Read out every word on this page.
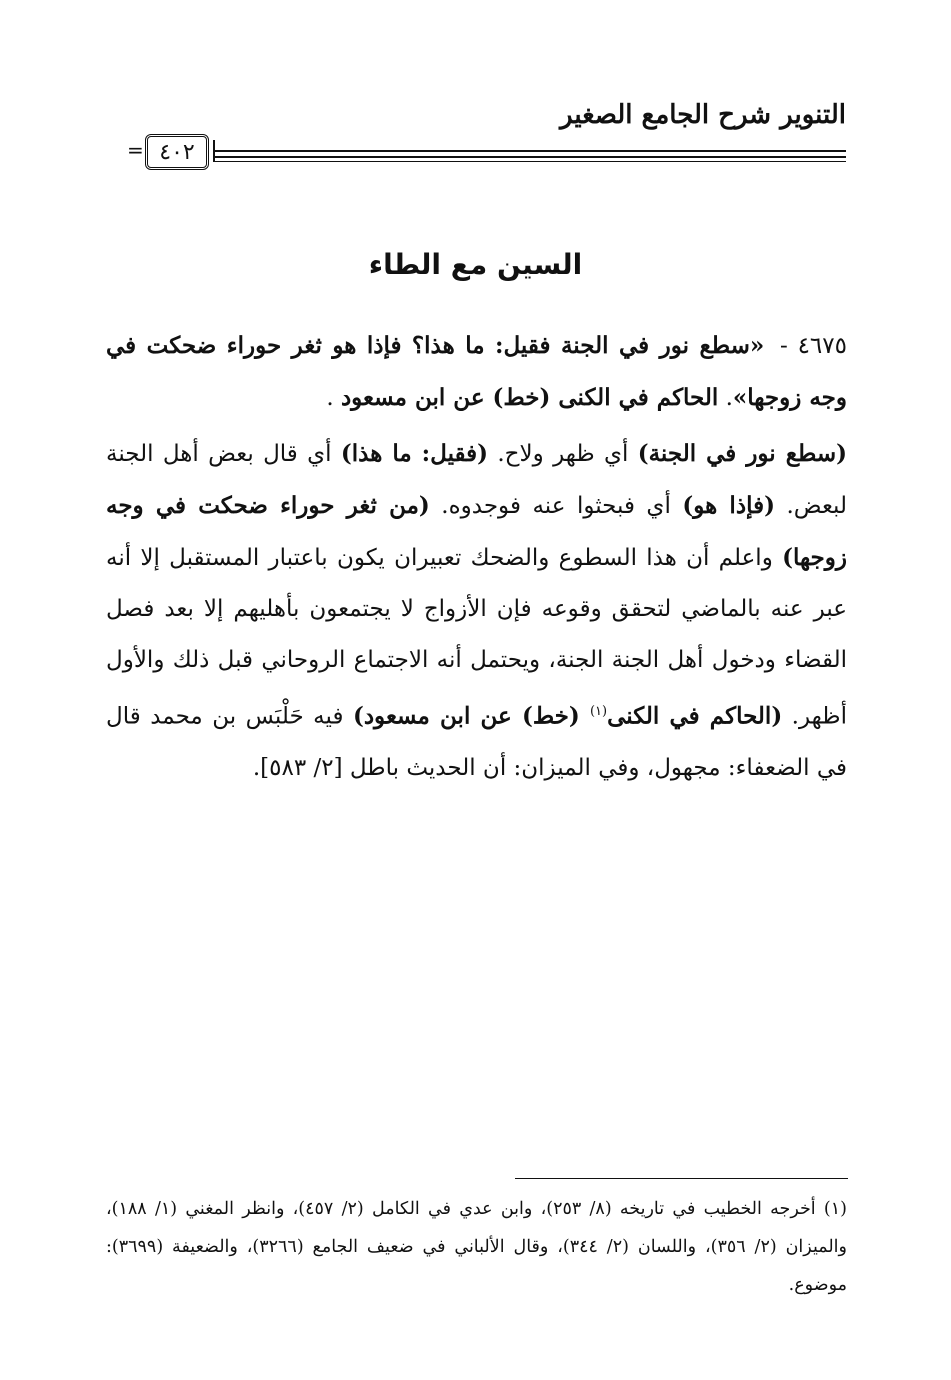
التنوير شرح الجامع الصغير
٤٠٢
=
السين مع الطاء

٤٦٧٥ - «سطع نور في الجنة فقيل: ما هذا؟ فإذا هو ثغر حوراء ضحكت في وجه زوجها». الحاكم في الكنى (خط) عن ابن مسعود .

(سطع نور في الجنة) أي ظهر ولاح. (فقيل: ما هذا) أي قال بعض أهل الجنة لبعض. (فإذا هو) أي فبحثوا عنه فوجدوه. (من ثغر حوراء ضحكت في وجه زوجها) واعلم أن هذا السطوع والضحك تعبيران يكون باعتبار المستقبل إلا أنه عبر عنه بالماضي لتحقق وقوعه فإن الأزواج لا يجتمعون بأهليهم إلا بعد فصل القضاء ودخول أهل الجنة الجنة، ويحتمل أنه الاجتماع الروحاني قبل ذلك والأول أظهر. (الحاكم في الكنى$^{(١)}$ (خط) عن ابن مسعود) فيه حَلْبَس بن محمد قال في الضعفاء: مجهول، وفي الميزان: أن الحديث باطل [٢/ ٥٨٣].

(١) أخرجه الخطيب في تاريخه (٨/ ٢٥٣)، وابن عدي في الكامل (٢/ ٤٥٧)، وانظر المغني (١/ ١٨٨)، والميزان (٢/ ٣٥٦)، واللسان (٢/ ٣٤٤)، وقال الألباني في ضعيف الجامع (٣٢٦٦)، والضعيفة (٣٦٩٩): موضوع.
